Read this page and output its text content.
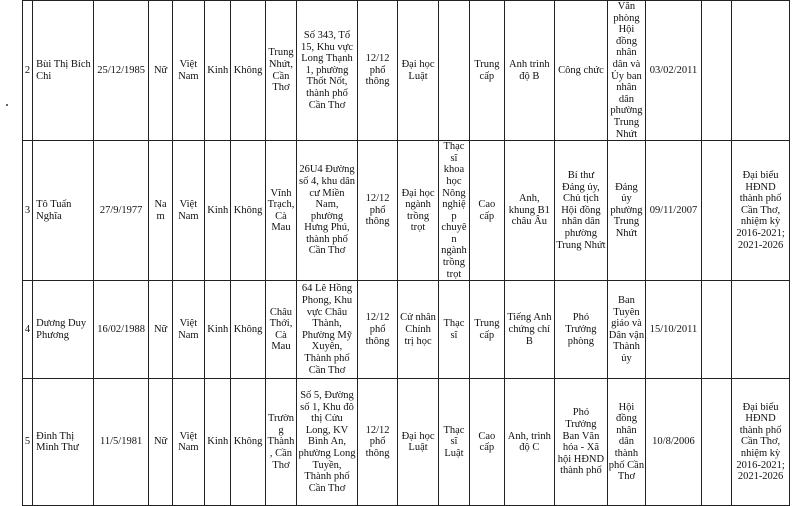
2	Bùi Thị Bích Chi	25/12/1985	Nữ	Việt Nam	Kinh	Không	Trung Nhứt, Cần Thơ	Số 343, Tổ 15, Khu vực Long Thạnh 1, phường Thốt Nốt, thành phố Cần Thơ	12/12 phổ thông	Đại học Luật		Trung cấp	Anh trình độ B	Công chức	Văn phòng Hội đồng nhân dân và Ủy ban nhân dân phường Trung Nhứt	03/02/2011		
3	Tô Tuấn Nghĩa	27/9/1977	Nam	Việt Nam	Kinh	Không	Vĩnh Trạch, Cà Mau	26U4 Đường số 4, khu dân cư Miền Nam, phường Hưng Phú, thành phố Cần Thơ	12/12 phổ thông	Đại học ngành trồng trọt	Thạc sĩ khoa học Nông nghiệp chuyên ngành trồng trọt	Cao cấp	Anh, khung B1 châu Âu	Bí thư Đảng ủy, Chủ tịch Hội đồng nhân dân phường Trung Nhứt	Đảng ủy phường Trung Nhứt	09/11/2007		Đại biểu HĐND thành phố Cần Thơ, nhiệm kỳ 2016-2021; 2021-2026
4	Dương Duy Phương	16/02/1988	Nữ	Việt Nam	Kinh	Không	Châu Thới, Cà Mau	64 Lê Hồng Phong, Khu vực Châu Thành, Phường Mỹ Xuyên, Thành phố Cần Thơ	12/12 phổ thông	Cử nhân Chính trị học	Thạc sĩ	Trung cấp	Tiếng Anh chứng chỉ B	Phó Trưởng phòng	Ban Tuyên giáo và Dân vận Thành ủy	15/10/2011		
5	Đinh Thị Minh Thư	11/5/1981	Nữ	Việt Nam	Kinh	Không	Trường Thành, Cần Thơ	Số 5, Đường số 1, Khu đô thị Cửu Long, KV Bình An, phường Long Tuyền, Thành phố Cần Thơ	12/12 phổ thông	Đại học Luật	Thạc sĩ Luật	Cao cấp	Anh, trình độ C	Phó Trưởng Ban Văn hóa - Xã hội HĐND thành phố	Hội đồng nhân dân thành phố Cần Thơ	10/8/2006		Đại biểu HĐND thành phố Cần Thơ, nhiệm kỳ 2016-2021; 2021-2026
